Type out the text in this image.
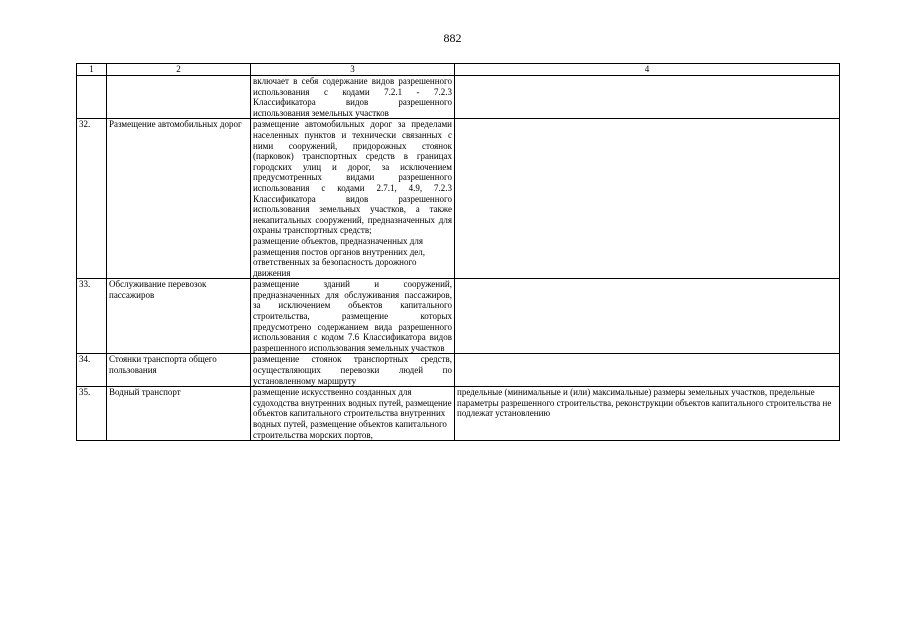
882
1	2	3	4

		включает в себя содержание видов разрешенного использования с кодами 7.2.1 - 7.2.3 Классификатора видов разрешенного использования земельных участков	

32.	Размещение автомобильных дорог	размещение автомобильных дорог за пределами населенных пунктов и технически связанных с ними сооружений, придорожных стоянок (парковок) транспортных средств в границах городских улиц и дорог, за исключением предусмотренных видами разрешенного использования с кодами 2.7.1, 4.9, 7.2.3 Классификатора видов разрешенного использования земельных участков, а также некапитальных сооружений, предназначенных для охраны транспортных средств;
размещение объектов, предназначенных для размещения постов органов внутренних дел, ответственных за безопасность дорожного движения	

33.	Обслуживание перевозок пассажиров	размещение зданий и сооружений, предназначенных для обслуживания пассажиров, за исключением объектов капитального строительства, размещение которых предусмотрено содержанием вида разрешенного использования с кодом 7.6 Классификатора видов разрешенного использования земельных участков	

34.	Стоянки транспорта общего пользования	размещение стоянок транспортных средств, осуществляющих перевозки людей по установленному маршруту	

35.	Водный транспорт	размещение искусственно созданных для судоходства внутренних водных путей, размещение объектов капитального строительства внутренних водных путей, размещение объектов капитального строительства морских портов,	предельные (минимальные и (или) максимальные) размеры земельных участков, предельные параметры разрешенного строительства, реконструкции объектов капитального строительства не подлежат установлению
